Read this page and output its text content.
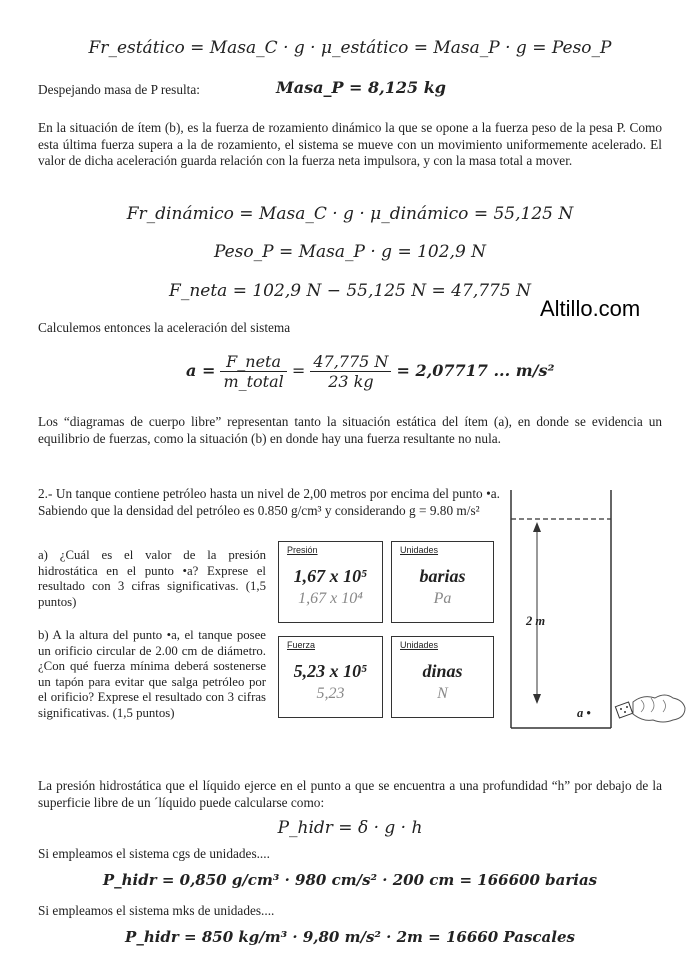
Fr_estático = Masa_C · g · μ_estático = Masa_P · g = Peso_P
Despejando masa de P resulta:	Masa_P = 8,125 kg
En la situación de ítem (b), es la fuerza de rozamiento dinámico la que se opone a la fuerza peso de la pesa P. Como esta última fuerza supera a la de rozamiento, el sistema se mueve con un movimiento uniformemente acelerado. El valor de dicha aceleración guarda relación con la fuerza neta impulsora, y con la masa total a mover.
Fr_dinámico = Masa_C · g · μ_dinámico = 55,125 N
Peso_P = Masa_P · g = 102,9 N
F_neta = 102,9 N − 55,125 N = 47,775 N
Altillo.com
Calculemos entonces la aceleración del sistema
$a = \frac{\text{F\_neta}}{\text{m\_total}} = \frac{47,775 N}{23 kg} = 2,07717$ ... m/s²
Los “diagramas de cuerpo libre” representan tanto la situación estática del ítem (a), en donde se evidencia un equilibrio de fuerzas, como la situación (b) en donde hay una fuerza resultante no nula.
2.- Un tanque contiene petróleo hasta un nivel de 2,00 metros por encima del punto •a. Sabiendo que la densidad del petróleo es 0.850 g/cm³ y considerando g = 9.80 m/s²
a) ¿Cuál es el valor de la presión hidrostática en el punto •a? Exprese el resultado con 3 cifras significativas. (1,5 puntos)
b) A la altura del punto •a, el tanque posee un orificio circular de 2.00 cm de diámetro. ¿Con qué fuerza mínima deberá sostenerse un tapón para evitar que salga petróleo por el orificio? Exprese el resultado con 3 cifras significativas. (1,5 puntos)
Presión
1,67 x 10⁵
1,67 x 10⁴
Unidades
barias
Pa
Fuerza
5,23 x 10⁵
5,23
Unidades
dinas
N
2 m
a •
La presión hidrostática que el líquido ejerce en el punto a que se encuentra a una profundidad “h” por debajo de la superficie libre de un ´líquido puede calcularse como:
P_hidr = δ · g · h
Si empleamos el sistema cgs de unidades....
P_hidr = 0,850 g/cm³ · 980 cm/s² · 200 cm = 166600 barias
Si empleamos el sistema mks de unidades....
P_hidr = 850 kg/m³ · 9,80 m/s² · 2m = 16660 Pascales
